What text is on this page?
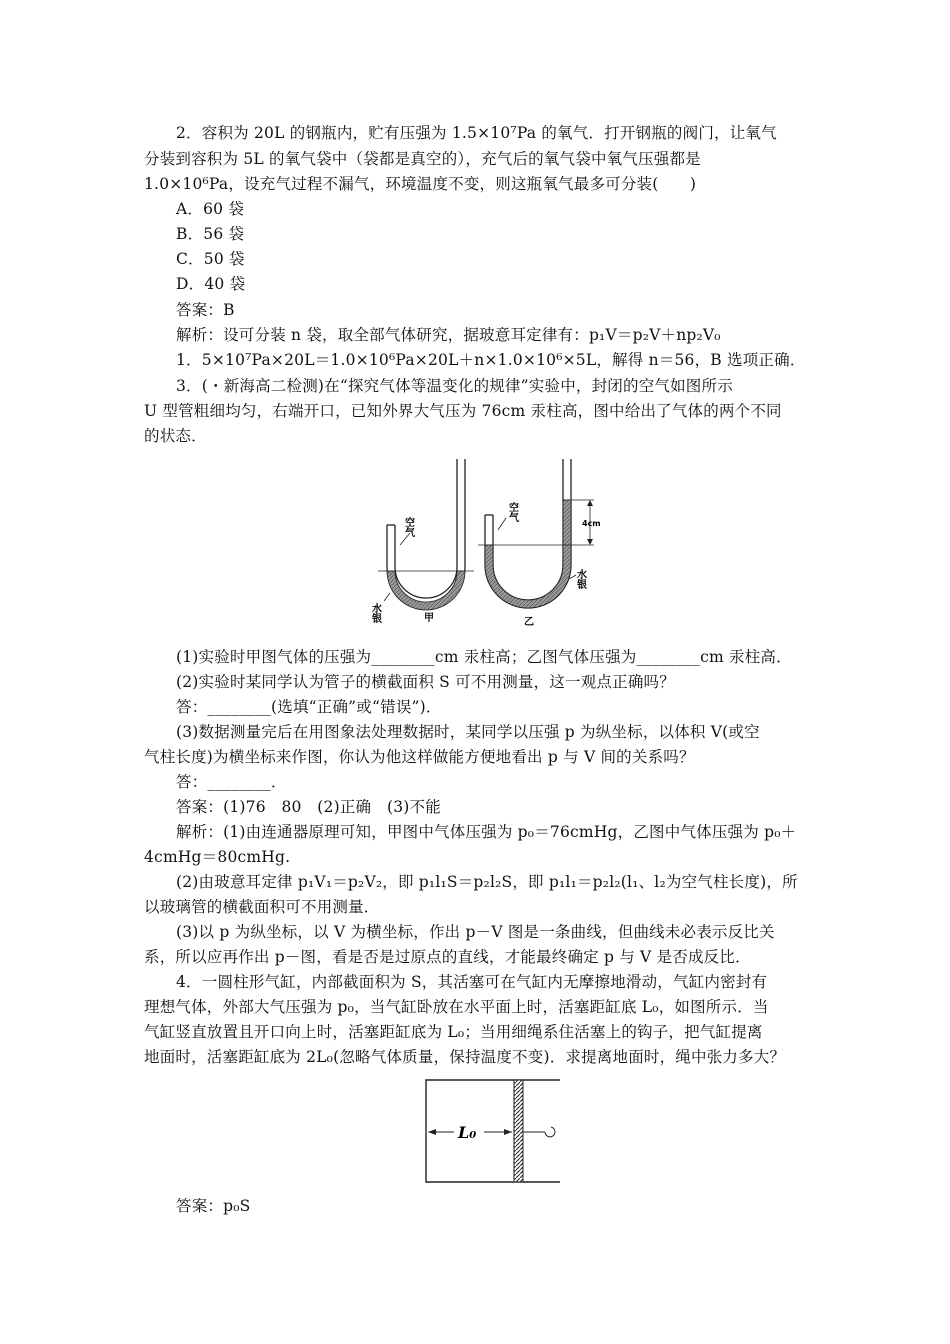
2．容积为 20L 的钢瓶内，贮有压强为 1.5×10⁷Pa 的氧气．打开钢瓶的阀门，让氧气
分装到容积为 5L 的氧气袋中（袋都是真空的），充气后的氧气袋中氧气压强都是
1.0×10⁶Pa，设充气过程不漏气，环境温度不变，则这瓶氧气最多可分装(　　)
A．60 袋
B．56 袋
C．50 袋
D．40 袋
答案：B
解析：设可分装 n 袋，取全部气体研究，据玻意耳定律有：p₁V＝p₂V＋np₂V₀
1．5×10⁷Pa×20L＝1.0×10⁶Pa×20L＋n×1.0×10⁶×5L，解得 n＝56，B 选项正确．
3．(・新海高二检测)在“探究气体等温变化的规律”实验中，封闭的空气如图所示
U 型管粗细均匀，右端开口，已知外界大气压为 76cm 汞柱高，图中给出了气体的两个不同
的状态．
空气
水银	甲
4cm
空气
水银
乙
(1)实验时甲图气体的压强为________cm 汞柱高；乙图气体压强为________cm 汞柱高．
(2)实验时某同学认为管子的横截面积 S 可不用测量，这一观点正确吗？
答：________(选填“正确”或“错误”)．
(3)数据测量完后在用图象法处理数据时，某同学以压强 p 为纵坐标，以体积 V(或空
气柱长度)为横坐标来作图，你认为他这样做能方便地看出 p 与 V 间的关系吗？
答：________．
答案：(1)76　80　(2)正确　(3)不能
解析：(1)由连通器原理可知，甲图中气体压强为 p₀＝76cmHg，乙图中气体压强为 p₀＋
4cmHg＝80cmHg.
(2)由玻意耳定律 p₁V₁＝p₂V₂，即 p₁l₁S＝p₂l₂S，即 p₁l₁＝p₂l₂(l₁、l₂为空气柱长度)，所
以玻璃管的横截面积可不用测量．
(3)以 p 为纵坐标，以 V 为横坐标，作出 p－V 图是一条曲线，但曲线未必表示反比关
系，所以应再作出 p－图，看是否是过原点的直线，才能最终确定 p 与 V 是否成反比．
4．一圆柱形气缸，内部截面积为 S，其活塞可在气缸内无摩擦地滑动，气缸内密封有
理想气体，外部大气压强为 p₀，当气缸卧放在水平面上时，活塞距缸底 L₀，如图所示．当
气缸竖直放置且开口向上时，活塞距缸底为 L₀；当用细绳系住活塞上的钩子，把气缸提离
地面时，活塞距缸底为 2L₀(忽略气体质量，保持温度不变)．求提离地面时，绳中张力多大？
L₀
答案：p₀S
